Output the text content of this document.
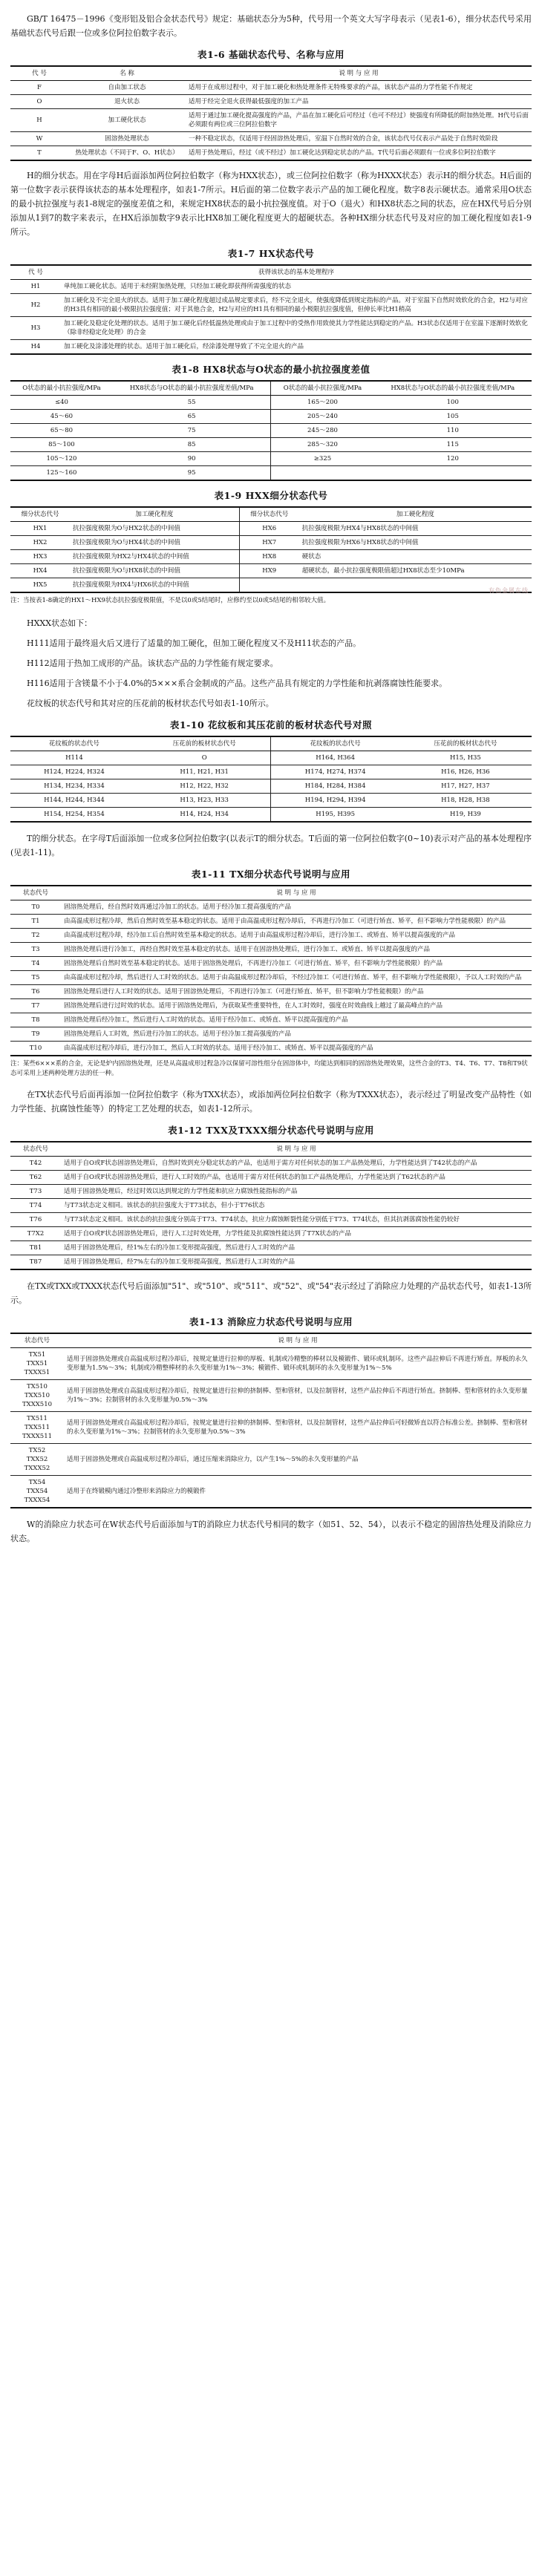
GB/T 16475－1996《变形铝及铝合金状态代号》规定：基础状态分为5种，代号用一个英文大写字母表示（见表1-6），细分状态代号采用基础状态代号后跟一位或多位阿拉伯数字表示。

表1-6 基础状态代号、名称与应用
代 号	名 称	说 明 与 应 用
F	自由加工状态	适用于在成形过程中，对于加工硬化和热处理条件无特殊要求的产品，该状态产品的力学性能不作规定
O	退火状态	适用于经完全退火获得最低强度的加工产品
H	加工硬化状态	适用于通过加工硬化提高强度的产品，产品在加工硬化后可经过（也可不经过）使强度有所降低的附加热处理。H代号后面必须跟有两位或三位阿拉伯数字
W	固溶热处理状态	一种不稳定状态，仅适用于经固溶热处理后，室温下自然时效的合金，该状态代号仅表示产品处于自然时效阶段
T	热处理状态（不同于F、O、H状态）	适用于热处理后，经过（或不经过）加工硬化达到稳定状态的产品。T代号后面必须跟有一位或多位阿拉伯数字

H的细分状态。用在字母H后面添加两位阿拉伯数字（称为HXX状态），或三位阿拉伯数字（称为HXXX状态）表示H的细分状态。H后面的第一位数字表示获得该状态的基本处理程序，如表1-7所示。H后面的第二位数字表示产品的加工硬化程度。数字8表示硬状态。通常采用O状态的最小抗拉强度与表1-8规定的强度差值之和，来规定HX8状态的最小抗拉强度值。对于O（退火）和HX8状态之间的状态，应在HX代号后分别添加从1到7的数字来表示，在HX后添加数字9表示比HX8加工硬化程度更大的超硬状态。各种HX细分状态代号及对应的加工硬化程度如表1-9所示。

表1-7 HX状态代号
代 号	获得该状态的基本处理程序
H1	单纯加工硬化状态。适用于未经附加热处理，只经加工硬化即获得所需强度的状态
H2	加工硬化及不完全退火的状态。适用于加工硬化程度超过成品规定要求后，经不完全退火，使强度降低到规定指标的产品。对于室温下自然时效软化的合金，H2与对应的H3具有相同的最小极限抗拉强度值；对于其他合金，H2与对应的H1具有相同的最小极限抗拉强度值，但伸长率比H1稍高
H3	加工硬化及稳定化处理的状态。适用于加工硬化后经低温热处理或由于加工过程中的受热作用致使其力学性能达到稳定的产品。H3状态仅适用于在室温下逐渐时效软化（除非经稳定化处理）的合金
H4	加工硬化及涂漆处理的状态。适用于加工硬化后，经涂漆处理导致了不完全退火的产品
表1-8 HX8状态与O状态的最小抗拉强度差值
O状态的最小抗拉强度/MPa	HX8状态与O状态的最小抗拉强度差值/MPa	O状态的最小抗拉强度/MPa	HX8状态与O状态的最小抗拉强度差值/MPa
≤40	55	165～200	100
45～60	65	205～240	105
65～80	75	245～280	110
85～100	85	285～320	115
105～120	90	≥325	120
125～160	95		
表1-9 HXX细分状态代号
细分状态代号	加工硬化程度	细分状态代号	加工硬化程度
HX1	抗拉强度极限为O与HX2状态的中间值	HX6	抗拉强度极限为HX4与HX8状态的中间值
HX2	抗拉强度极限为O与HX4状态的中间值	HX7	抗拉强度极限为HX6与HX8状态的中间值
HX3	抗拉强度极限为HX2与HX4状态的中间值	HX8	硬状态
HX4	抗拉强度极限为O与HX8状态的中间值	HX9	超硬状态，最小抗拉强度极限值超过HX8状态至少10MPa
HX5	抗拉强度极限为HX4与HX6状态的中间值		
有色金属在线
注：当按表1-8确定的HX1～HX9状态抗拉强度极限值，不是以0或5结尾时，应修约至以0或5结尾的相邻较大值。

HXXX状态如下：

H111适用于最终退火后又进行了适量的加工硬化，但加工硬化程度又不及H11状态的产品。

H112适用于热加工成形的产品。该状态产品的力学性能有规定要求。

H116适用于含镁量不小于4.0%的5×××系合金制成的产品。这些产品具有规定的力学性能和抗剥落腐蚀性能要求。

花纹板的状态代号和其对应的压花前的板材状态代号如表1-10所示。

表1-10 花纹板和其压花前的板材状态代号对照
花纹板的状态代号	压花前的板材状态代号	花纹板的状态代号	压花前的板材状态代号
H114	O	H164, H364	H15, H35
H124, H224, H324	H11, H21, H31	H174, H274, H374	H16, H26, H36
H134, H234, H334	H12, H22, H32	H184, H284, H384	H17, H27, H37
H144, H244, H344	H13, H23, H33	H194, H294, H394	H18, H28, H38
H154, H254, H354	H14, H24, H34	H195, H395	H19, H39

T的细分状态。在字母T后面添加一位或多位阿拉伯数字(以表示T的细分状态。T后面的第一位阿拉伯数字(0~10)表示对产品的基本处理程序(见表1-11)。

表1-11 TX细分状态代号说明与应用
状态代号	说 明 与 应 用
T0	固溶热处理后，经自然时效再通过冷加工的状态。适用于经冷加工提高强度的产品
T1	由高温成形过程冷却，然后自然时效至基本稳定的状态。适用于由高温成形过程冷却后，不再进行冷加工（可进行矫直、矫平，但不影响力学性能极限）的产品
T2	由高温成形过程冷却，经冷加工后自然时效至基本稳定的状态。适用于由高温成形过程冷却后，进行冷加工、或矫直、矫平以提高强度的产品
T3	固溶热处理后进行冷加工，再经自然时效至基本稳定的状态。适用于在固溶热处理后，进行冷加工、或矫直、矫平以提高强度的产品
T4	固溶热处理后自然时效至基本稳定的状态。适用于固溶热处理后，不再进行冷加工（可进行矫直、矫平，但不影响力学性能极限）的产品
T5	由高温成形过程冷却，然后进行人工时效的状态。适用于由高温成形过程冷却后，不经过冷加工（可进行矫直、矫平，但不影响力学性能极限），予以人工时效的产品
T6	固溶热处理后进行人工时效的状态。适用于固溶热处理后，不再进行冷加工（可进行矫直、矫平，但不影响力学性能极限）的产品
T7	固溶热处理后进行过时效的状态。适用于固溶热处理后，为获取某些重要特性，在人工时效时，强度在时效曲线上越过了最高峰点的产品
T8	固溶热处理后经冷加工，然后进行人工时效的状态。适用于经冷加工、或矫直、矫平以提高强度的产品
T9	固溶热处理后人工时效，然后进行冷加工的状态。适用于经冷加工提高强度的产品
T10	由高温成形过程冷却后，进行冷加工，然后人工时效的状态。适用于经冷加工、或矫直、矫平以提高强度的产品
注：某些6×××系的合金，无论是炉内固溶热处理，还是从高温成形过程急冷以保留可溶性组分在固溶体中，均能达到相同的固溶热处理效果，这些合金的T3、T4、T6、T7、T8和T9状态可采用上述两种处理方法的任一种。

在TX状态代号后面再添加一位阿拉伯数字（称为TXX状态），或添加两位阿拉伯数字（称为TXXX状态），表示经过了明显改变产品特性（如力学性能、抗腐蚀性能等）的特定工艺处理的状态，如表1-12所示。

表1-12 TXX及TXXX细分状态代号说明与应用
状态代号	说 明 与 应 用
T42	适用于自O或F状态固溶热处理后，自然时效到充分稳定状态的产品，也适用于需方对任何状态的加工产品热处理后，力学性能达到了T42状态的产品
T62	适用于自O或F状态固溶热处理后，进行人工时效的产品，也适用于需方对任何状态的加工产品热处理后，力学性能达到了T62状态的产品
T73	适用于固溶热处理后，经过时效以达到规定的力学性能和抗应力腐蚀性能指标的产品
T74	与T73状态定义相同。该状态的抗拉强度大于T73状态，但小于T76状态
T76	与T73状态定义相同。该状态的抗拉强度分别高于T73、T74状态，抗应力腐蚀断裂性能分别低于T73、T74状态，但其抗剥落腐蚀性能仍较好
T7X2	适用于自O或F状态固溶热处理后，进行人工过时效处理，力学性能及抗腐蚀性能达到了T7X状态的产品
T81	适用于固溶热处理后，经1%左右的冷加工变形提高强度，然后进行人工时效的产品
T87	适用于固溶热处理后，经7%左右的冷加工变形提高强度，然后进行人工时效的产品

在TX或TXX或TXXX状态代号后面添加"51"、或"510"、或"511"、或"52"、或"54"表示经过了消除应力处理的产品状态代号，如表1-13所示。

表1-13 消除应力状态代号说明与应用
状态代号	说 明 与 应 用
TX51
TXX51
TXXX51	适用于固溶热处理或自高温成形过程冷却后，按规定量进行拉伸的厚板、轧制或冷精整的棒材以及模锻件、锻环或轧制环。这些产品拉伸后不再进行矫直。厚板的永久变形量为1.5%～3%；轧制或冷精整棒材的永久变形量为1%～3%；模锻件、锻环或轧制环的永久变形量为1%～5%
TX510
TXX510
TXXX510	适用于固溶热处理或自高温成形过程冷却后，按规定量进行拉伸的挤制棒、型和管材，以及拉制管材，这些产品拉伸后不再进行矫直。挤制棒、型和管材的永久变形量为1%～3%；拉制管材的永久变形量为0.5%～3%
TX511
TXX511
TXXX511	适用于固溶热处理或自高温成形过程冷却后，按规定量进行拉伸的挤制棒、型和管材，以及拉制管材，这些产品拉伸后可轻微矫直以符合标准公差。挤制棒、型和管材的永久变形量为1%～3%；拉制管材的永久变形量为0.5%～3%
TX52
TXX52
TXXX52	适用于固溶热处理或自高温成形过程冷却后，通过压缩来消除应力，以产生1%～5%的永久变形量的产品
TX54
TXX54
TXXX54	适用于在终锻模内通过冷整形来消除应力的模锻件

W的消除应力状态可在W状态代号后面添加与T的消除应力状态代号相同的数字（如51、52、54），以表示不稳定的固溶热处理及消除应力状态。
